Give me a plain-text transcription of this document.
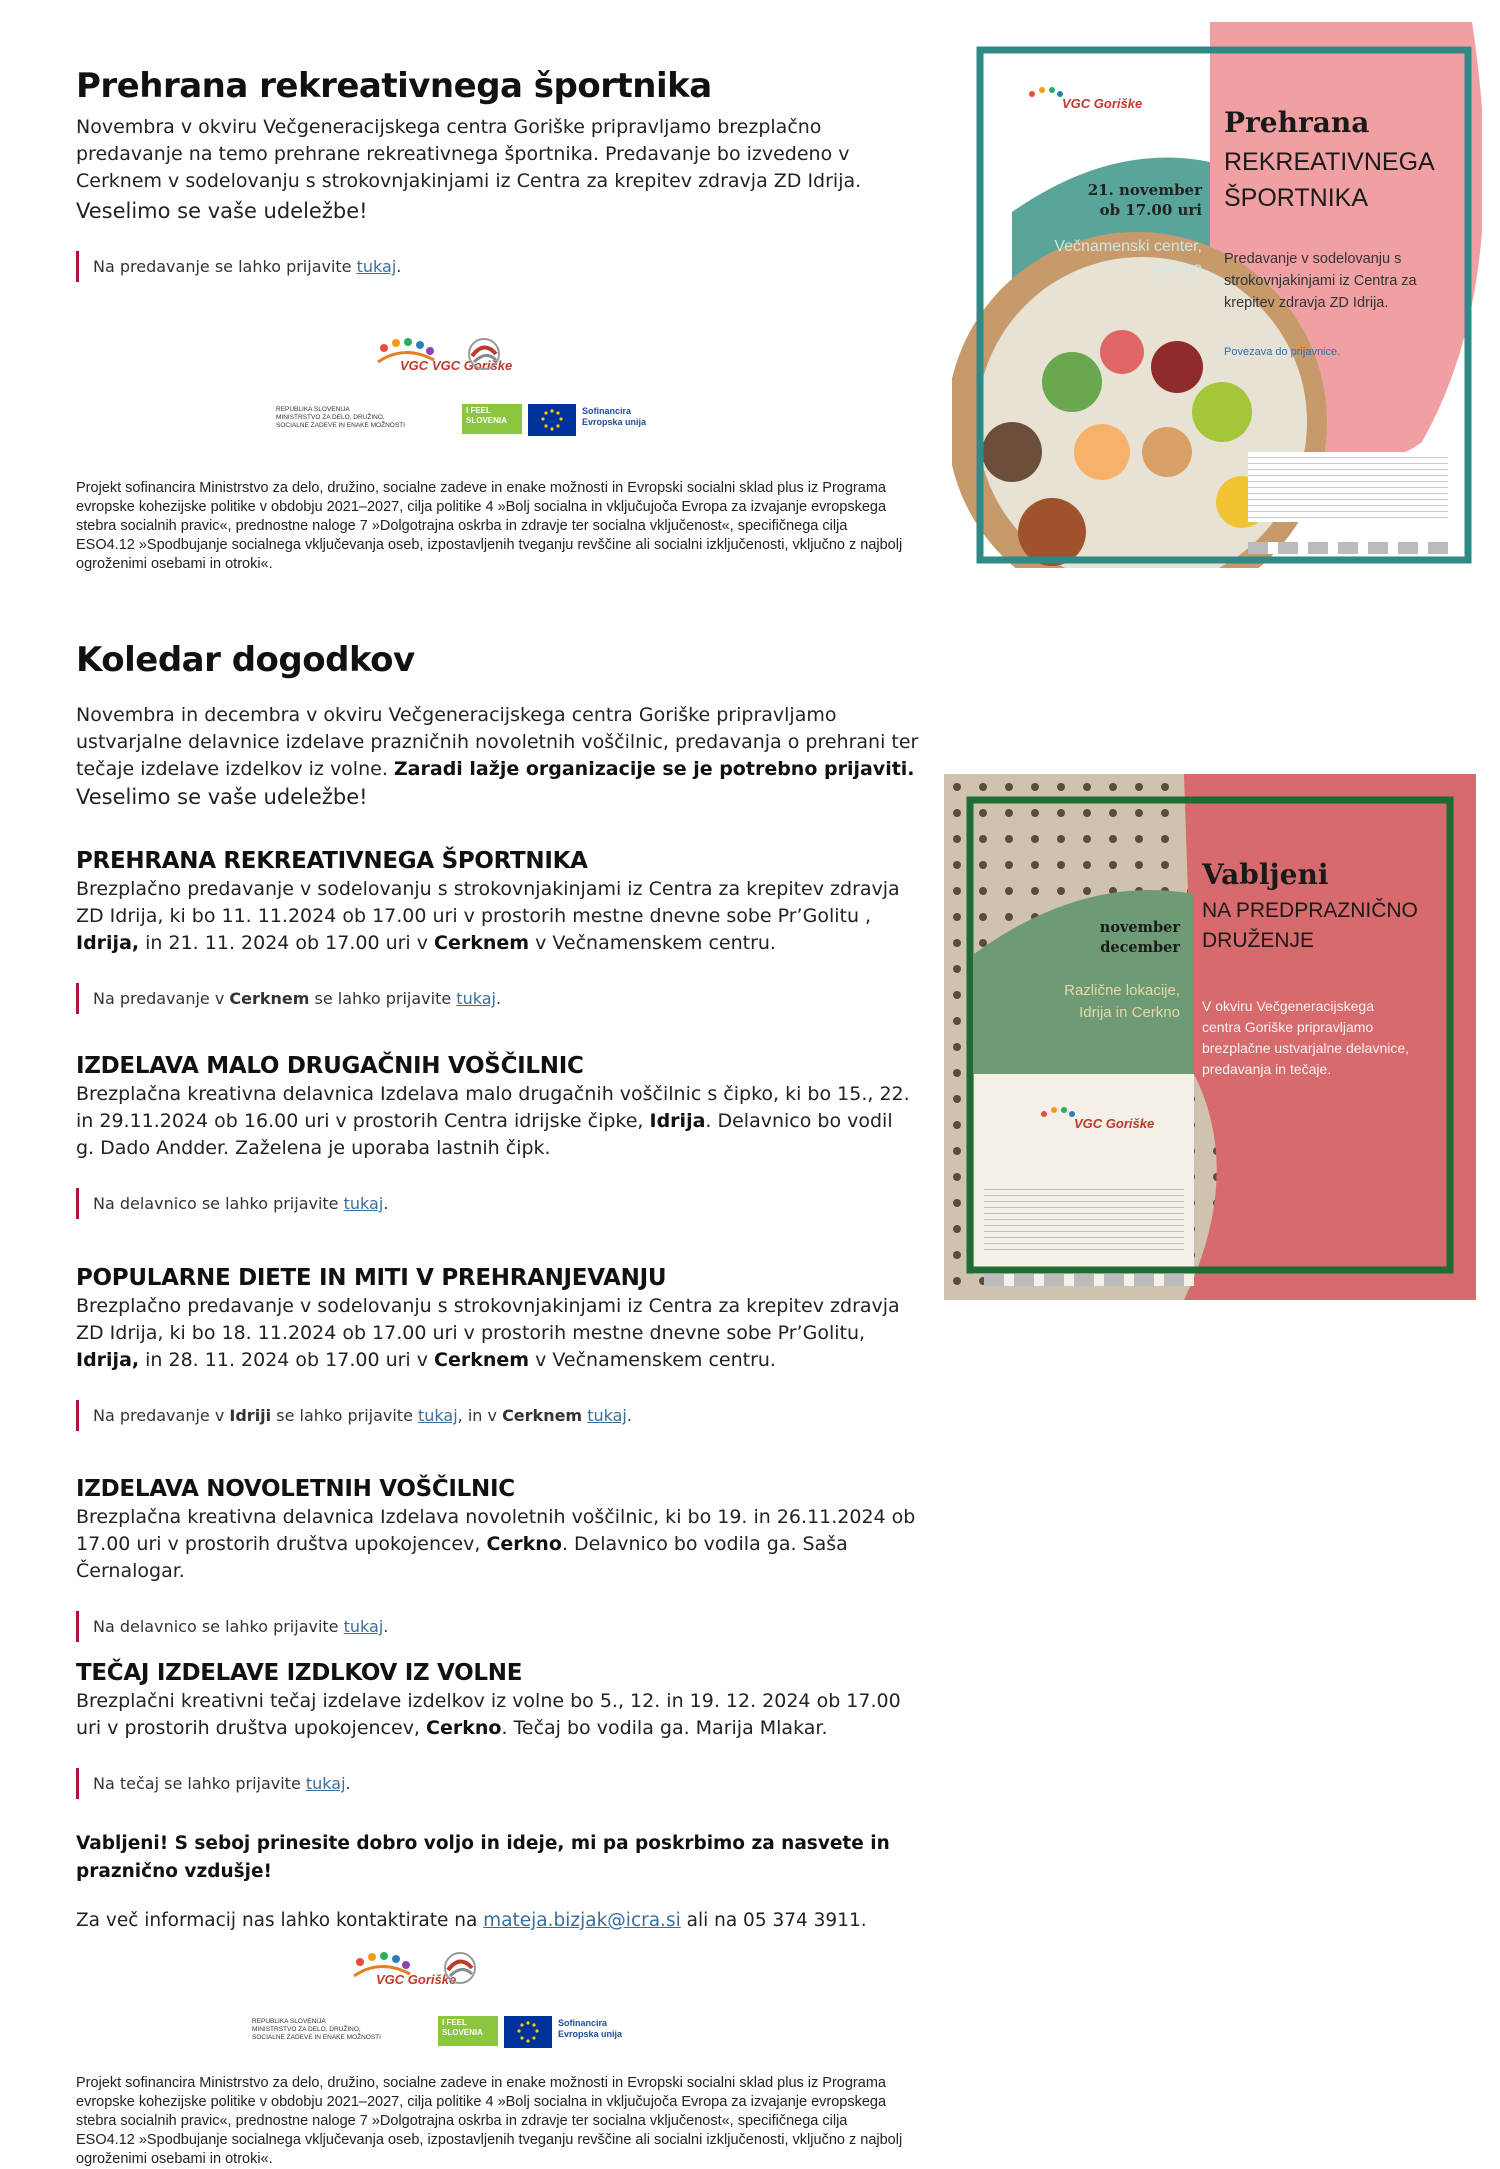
Prehrana rekreativnega športnika
Novembra v okviru Večgeneracijskega centra Goriške pripravljamo brezplačno predavanje na temo prehrane rekreativnega športnika. Predavanje bo izvedeno v Cerknem v sodelovanju s strokovnjakinjami iz Centra za krepitev zdravja ZD Idrija.
Veselimo se vaše udeležbe!
Na predavanje se lahko prijavite tukaj.
VGC VGC Goriške
REPUBLIKA SLOVENIJA
MINISTRSTVO ZA DELO, DRUŽINO,
SOCIALNE ZADEVE IN ENAKE MOŽNOSTI
I FEEL SLOVENIA
Sofinancira
Evropska unija
Projekt sofinancira Ministrstvo za delo, družino, socialne zadeve in enake možnosti in Evropski socialni sklad plus iz Programa evropske kohezijske politike v obdobju 2021–2027, cilja politike 4 »Bolj socialna in vključujoča Evropa za izvajanje evropskega stebra socialnih pravic«, prednostne naloge 7 »Dolgotrajna oskrba in zdravje ter socialna vključenost«, specifičnega cilja ESO4.12 »Spodbujanje socialnega vključevanja oseb, izpostavljenih tveganju revščine ali socialni izključenosti, vključno z najbolj ogroženimi osebami in otroki«.
VGC Goriške
21. november
ob 17.00 uri
Večnamenski center,
Cerkno
Prehrana
REKREATIVNEGA
ŠPORTNIKA
Predavanje v sodelovanju s strokovnjakinjami iz Centra za krepitev zdravja ZD Idrija.
Povezava do prijavnice.
Koledar dogodkov
Novembra in decembra v okviru Večgeneracijskega centra Goriške pripravljamo ustvarjalne delavnice izdelave prazničnih novoletnih voščilnic, predavanja o prehrani ter tečaje izdelave izdelkov iz volne. Zaradi lažje organizacije se je potrebno prijaviti.
Veselimo se vaše udeležbe!
PREHRANA REKREATIVNEGA ŠPORTNIKA
Brezplačno predavanje v sodelovanju s strokovnjakinjami iz Centra za krepitev zdravja ZD Idrija, ki bo 11. 11.2024 ob 17.00 uri v prostorih mestne dnevne sobe Pr’Golitu , Idrija, in 21. 11. 2024 ob 17.00 uri v Cerknem v Večnamenskem centru.
Na predavanje v Cerknem se lahko prijavite tukaj.
IZDELAVA MALO DRUGAČNIH VOŠČILNIC
Brezplačna kreativna delavnica Izdelava malo drugačnih voščilnic s čipko, ki bo 15., 22. in 29.11.2024 ob 16.00 uri v prostorih Centra idrijske čipke, Idrija. Delavnico bo vodil g. Dado Andder. Zaželena je uporaba lastnih čipk.
Na delavnico se lahko prijavite tukaj.
POPULARNE DIETE IN MITI V PREHRANJEVANJU
Brezplačno predavanje v sodelovanju s strokovnjakinjami iz Centra za krepitev zdravja ZD Idrija, ki bo 18. 11.2024 ob 17.00 uri v prostorih mestne dnevne sobe Pr’Golitu, Idrija, in 28. 11. 2024 ob 17.00 uri v Cerknem v Večnamenskem centru.
Na predavanje v Idriji se lahko prijavite tukaj, in v Cerknem tukaj.
IZDELAVA NOVOLETNIH VOŠČILNIC
Brezplačna kreativna delavnica Izdelava novoletnih voščilnic, ki bo 19. in 26.11.2024 ob 17.00 uri v prostorih društva upokojencev, Cerkno. Delavnico bo vodila ga. Saša Černalogar.
Na delavnico se lahko prijavite tukaj.
TEČAJ IZDELAVE IZDLKOV IZ VOLNE
Brezplačni kreativni tečaj izdelave izdelkov iz volne bo 5., 12. in 19. 12. 2024 ob 17.00 uri v prostorih društva upokojencev, Cerkno. Tečaj bo vodila ga. Marija Mlakar.
Na tečaj se lahko prijavite tukaj.
Vabljeni
NA PREDPRAZNIČNO
DRUŽENJE
november
december
Različne lokacije,
Idrija in Cerkno V okviru Večgeneracijskega centra Goriške pripravljamo brezplačne ustvarjalne delavnice, predavanja in tečaje.
VGC Goriške
Vabljeni! S seboj prinesite dobro voljo in ideje, mi pa poskrbimo za nasvete in praznično vzdušje!
Za več informacij nas lahko kontaktirate na mateja.bizjak@icra.si ali na 05 374 3911.
VGC Goriške
REPUBLIKA SLOVENIJA
MINISTRSTVO ZA DELO, DRUŽINO,
SOCIALNE ZADEVE IN ENAKE MOŽNOSTI
I FEEL SLOVENIA
Sofinancira
Evropska unija
Projekt sofinancira Ministrstvo za delo, družino, socialne zadeve in enake možnosti in Evropski socialni sklad plus iz Programa evropske kohezijske politike v obdobju 2021–2027, cilja politike 4 »Bolj socialna in vključujoča Evropa za izvajanje evropskega stebra socialnih pravic«, prednostne naloge 7 »Dolgotrajna oskrba in zdravje ter socialna vključenost«, specifičnega cilja ESO4.12 »Spodbujanje socialnega vključevanja oseb, izpostavljenih tveganju revščine ali socialni izključenosti, vključno z najbolj ogroženimi osebami in otroki«.
